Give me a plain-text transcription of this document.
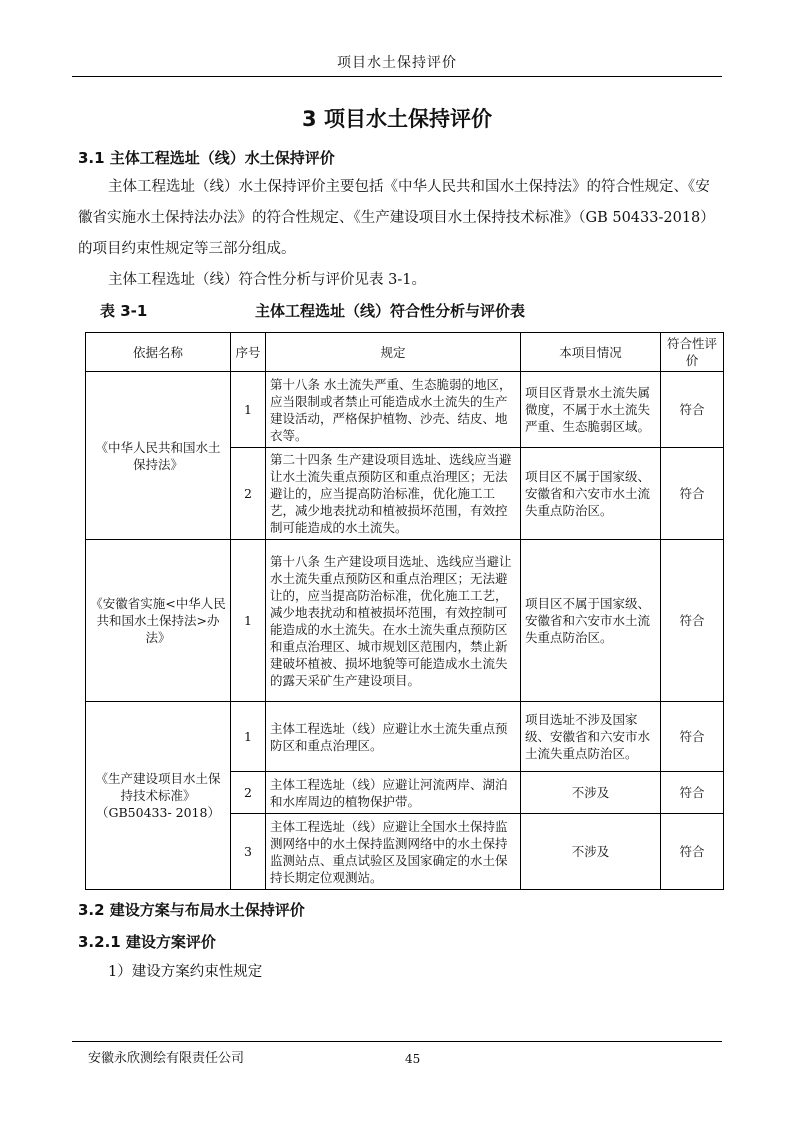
项目水土保持评价
3 项目水土保持评价
3.1 主体工程选址（线）水土保持评价
主体工程选址（线）水土保持评价主要包括《中华人民共和国水土保持法》的符合性规定、《安徽省实施水土保持法办法》的符合性规定、《生产建设项目水土保持技术标准》（GB 50433-2018）的项目约束性规定等三部分组成。
主体工程选址（线）符合性分析与评价见表 3-1。
表 3-1	主体工程选址（线）符合性分析与评价表
依据名称	序号	规定	本项目情况	符合性评价
《中华人民共和国水土保持法》	1	第十八条 水土流失严重、生态脆弱的地区，应当限制或者禁止可能造成水土流失的生产建设活动，严格保护植物、沙壳、结皮、地衣等。	项目区背景水土流失属微度，不属于水土流失严重、生态脆弱区域。	符合
	2	第二十四条 生产建设项目选址、选线应当避让水土流失重点预防区和重点治理区；无法避让的，应当提高防治标准，优化施工工艺，减少地表扰动和植被损坏范围，有效控制可能造成的水土流失。	项目区不属于国家级、安徽省和六安市水土流失重点防治区。	符合
《安徽省实施<中华人民共和国水土保持法>办法》	1	第十八条 生产建设项目选址、选线应当避让水土流失重点预防区和重点治理区；无法避让的，应当提高防治标准，优化施工工艺，减少地表扰动和植被损坏范围，有效控制可能造成的水土流失。在水土流失重点预防区和重点治理区、城市规划区范围内，禁止新建破坏植被、损坏地貌等可能造成水土流失的露天采矿生产建设项目。	项目区不属于国家级、安徽省和六安市水土流失重点防治区。	符合
《生产建设项目水土保持技术标准》（GB50433- 2018）	1	主体工程选址（线）应避让水土流失重点预防区和重点治理区。	项目选址不涉及国家级、安徽省和六安市水土流失重点防治区。	符合
	2	主体工程选址（线）应避让河流两岸、湖泊和水库周边的植物保护带。	不涉及	符合
	3	主体工程选址（线）应避让全国水土保持监测网络中的水土保持监测网络中的水土保持监测站点、重点试验区及国家确定的水土保持长期定位观测站。	不涉及	符合
3.2 建设方案与布局水土保持评价
3.2.1 建设方案评价
1）建设方案约束性规定
安徽永欣测绘有限责任公司	45
